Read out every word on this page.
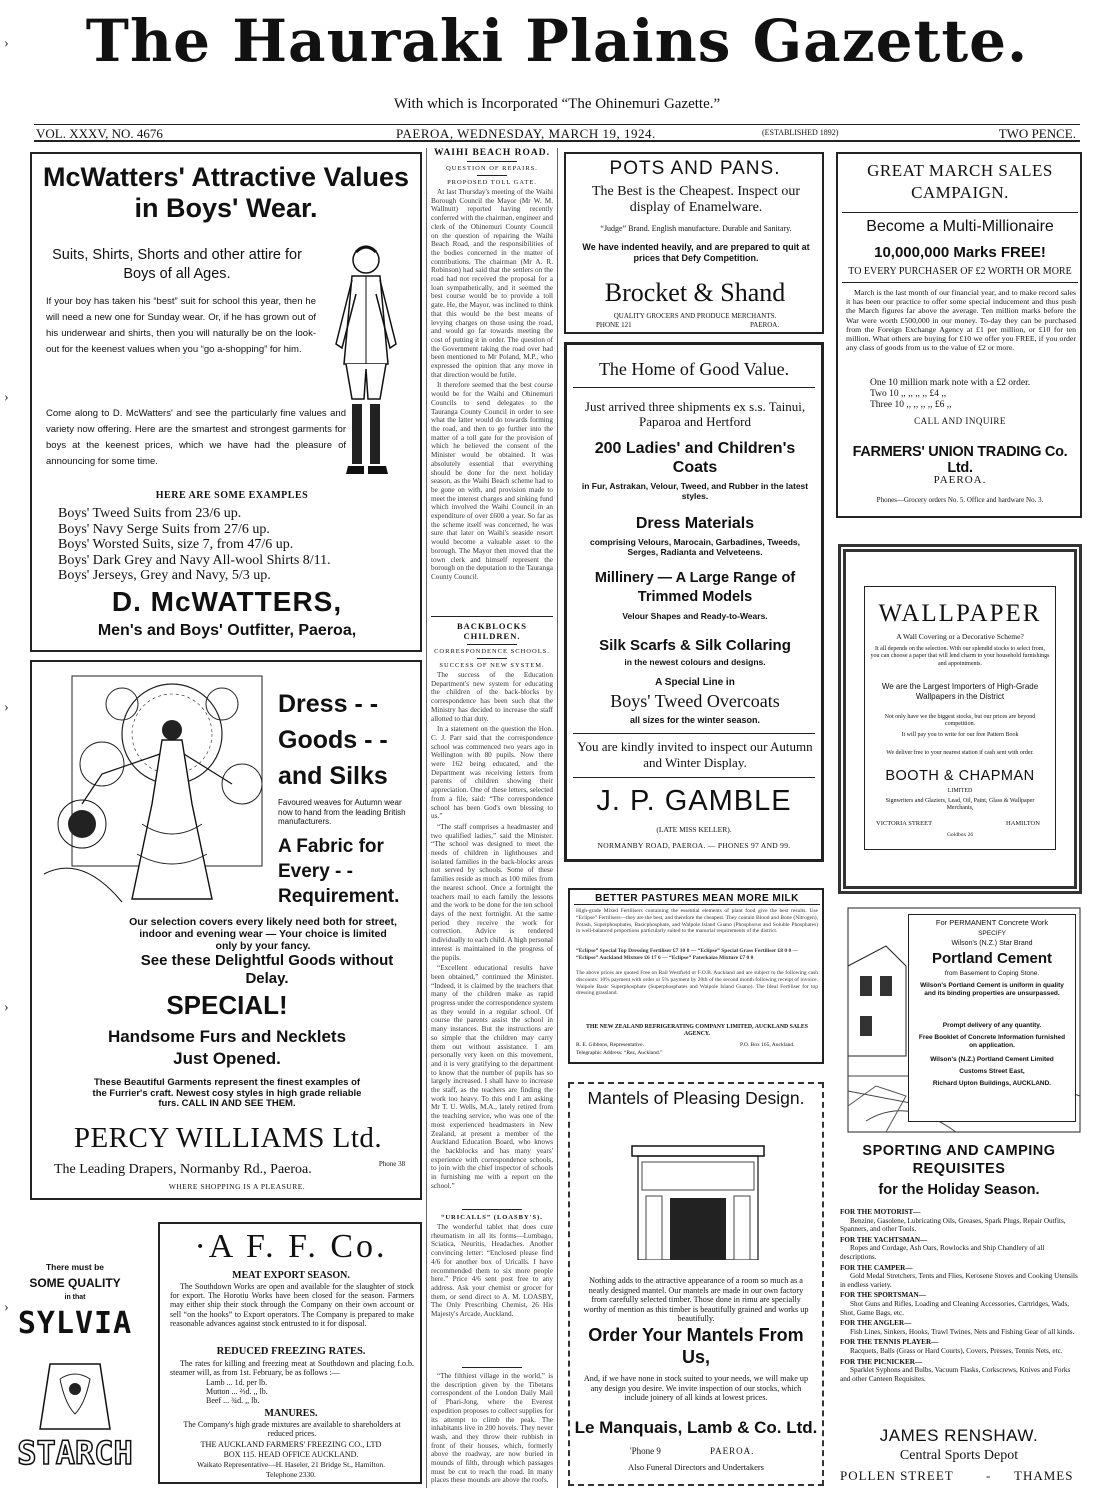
The Hauraki Plains Gazette.
With which is Incorporated “The Ohinemuri Gazette.”
VOL. XXXV, NO. 4676	PAEROA, WEDNESDAY, MARCH 19, 1924.	(ESTABLISHED 1892)	TWO PENCE.
›
›
›
›
›
McWatters' Attractive Values in Boys' Wear.
Suits, Shirts, Shorts and other attire for Boys of all Ages.
If your boy has taken his “best” suit for school this year, then he will need a new one for Sunday wear. Or, if he has grown out of his underwear and shirts, then you will naturally be on the look-out for the keenest values when you “go a-shopping” for him.
Come along to D. McWatters' and see the particularly fine values and variety now offering. Here are the smartest and strongest garments for boys at the keenest prices, which we have had the pleasure of announcing for some time.
HERE ARE SOME EXAMPLES
Boys' Tweed Suits from 23/6 up.
Boys' Navy Serge Suits from 27/6 up.
Boys' Worsted Suits, size 7, from 47/6 up.
Boys' Dark Grey and Navy All-wool Shirts 8/11.
Boys' Jerseys, Grey and Navy, 5/3 up.
D. McWATTERS,
Men's and Boys' Outfitter, Paeroa,
Dress - -
Goods - -
and Silks
Favoured weaves for Autumn wear now to hand from the leading British manufacturers.
A Fabric for
Every - -
Requirement.
Our selection covers every likely need both for street, indoor and evening wear — Your choice is limited only by your fancy.
See these Delightful Goods without Delay.
SPECIAL!
Handsome Furs and Necklets Just Opened.
These Beautiful Garments represent the finest examples of the Furrier's craft. Newest cosy styles in high grade reliable furs. CALL IN AND SEE THEM.
PERCY WILLIAMS Ltd.
The Leading Drapers, Normanby Rd., Paeroa.	Phone 38
WHERE SHOPPING IS A PLEASURE.
There must be
SOME QUALITY
in that
SYLVIA
STARCH
·A F. F. Co.
MEAT EXPORT SEASON.
The Southdown Works are open and available for the slaughter of stock for export. The Horotiu Works have been closed for the season. Farmers may either ship their stock through the Company on their own account or sell “on the hooks” to Export operators. The Company is prepared to make reasonable advances against stock entrusted to it for disposal.
REDUCED FREEZING RATES.
The rates for killing and freezing meat at Southdown and placing f.o.b. steamer will, as from 1st. February, be as follows :—
Lamb ... 1d. per lb.
Mutton ... ⅔d. ,, lb.
Beef ... ¾d. ,, lb.
MANURES.
The Company's high grade mixtures are available to shareholders at reduced prices.
THE AUCKLAND FARMERS' FREEZING CO., LTD
BOX 115. HEAD OFFICE AUCKLAND.
Waikato Representative—H. Haseler, 21 Bridge St., Hamilton.
Telephone 2330.
WAIHI BEACH ROAD.
QUESTION OF REPAIRS.
PROPOSED TOLL GATE.

At last Thursday's meeting of the Waihi Borough Council the Mayor (Mr W. M. Wallnutt) reported having recently conferred with the chairman, engineer and clerk of the Ohinemuri County Council on the question of repairing the Waihi Beach Road, and the responsibilities of the bodies concerned in the matter of contributions. The chairman (Mr A. R. Robinson) had said that the settlers on the road had not received the proposal for a loan sympathetically, and it seemed the best course would be to provide a toll gate. He, the Mayor, was inclined to think that this would be the best means of levying charges on those using the road, and would go far towards meeting the cost of putting it in order. The question of the Government taking the road over had been mentioned to Mr Poland, M.P., who expressed the opinion that any move in that direction would be futile.

It therefore seemed that the best course would be for the Waihi and Ohinemuri Councils to send delegates to the Tauranga County Council in order to see what the latter would do towards forming the road, and then to go further into the matter of a toll gate for the provision of which he believed the consent of the Minister would be obtained. It was absolutely essential that everything should be done for the next holiday season, as the Waihi Beach scheme had to be gone on with, and provision made to meet the interest charges and sinking fund which involved the Waihi Council in an expenditure of over £600 a year. So far as the scheme itself was concerned, he was sure that later on Waihi's seaside resort would become a valuable asset to the borough. The Mayor then moved that the town clerk and himself represent the borough on the deputation to the Tauranga County Council.

BACKBLOCKS CHILDREN.
CORRESPONDENCE SCHOOLS.
SUCCESS OF NEW SYSTEM.

The success of the Education Department's new system for educating the children of the back-blocks by correspondence has been such that the Ministry has decided to increase the staff allotted to that duty.

In a statement on the question the Hon. C. J. Parr said that the correspondence school was commenced two years ago in Wellington with 80 pupils. Now there were 162 being educated, and the Department was receiving letters from parents of children showing their appreciation. One of these letters, selected from a file, said: “The correspondence school has been God's own blessing to us.”

“The staff comprises a headmaster and two qualified ladies,” said the Minister. “The school was designed to meet the needs of children in lighthouses and isolated families in the back-blocks areas not served by schools. Some of these families reside as much as 100 miles from the nearest school. Once a fortnight the teachers mail to each family the lessons and the work to be done for the ten school days of the next fortnight. At the same period they receive the work for correction. Advice is rendered individually to each child. A high personal interest is maintained in the progress of the pupils.

“Excellent educational results have been obtained,” continued the Minister. “Indeed, it is claimed by the teachers that many of the children make as rapid progress under the correspondence system as they would in a regular school. Of course the parents assist the school in many instances. But the instructions are so simple that the children may carry them out without assistance. I am personally very keen on this movement, and it is very gratifying to the department to know that the number of pupils has so largely increased. I shall have to increase the staff, as the teachers are finding the work too heavy. To this end I am asking Mr T. U. Wells, M.A., lately retired from the teaching service, who was one of the most experienced headmasters in New Zealand, at present a member of the Auckland Education Board, who knows the backblocks and has many years' experience with correspondence schools, to join with the chief inspector of schools in furnishing me with a report on the school.”

“URICALLS” (LOASBY'S).

The wonderful tablet that does cure rheumatism in all its forms—Lumbago, Sciatica, Neuritis, Headaches. Another convincing letter: “Enclosed please find 4/6 for another box of Uricalls. I have recommended them to six more people here.” Price 4/6 sent post free to any address. Ask your chemist or grocer for them, or send direct to A. M. LOASBY, The Only Prescribing Chemist, 26 His Majesty's Arcade, Auckland.

“The filthiest village in the world,” is the description given by the Tibetans correspondent of the London Daily Mail of Phari-Jong, where the Everest expedition proposes to collect supplies for its attempt to climb the peak. The inhabitants live in 200 hovels. They never wash, and they throw their rubbish in front of their houses, which, formerly above the roadway, are now buried in mounds of filth, through which passages must be cut to reach the road. In many places these mounds are above the roofs.

POTS AND PANS.
The Best is the Cheapest. Inspect our display of Enamelware.
“Judge” Brand. English manufacture. Durable and Sanitary.
We have indented heavily, and are prepared to quit at prices that Defy Competition.
Brocket & Shand
QUALITY GROCERS AND PRODUCE MERCHANTS.
PHONE 121	PAEROA.
The Home of Good Value.
Just arrived three shipments ex s.s. Tainui, Paparoa and Hertford
200 Ladies' and Children's Coats
in Fur, Astrakan, Velour, Tweed, and Rubber in the latest styles.
Dress Materials
comprising Velours, Marocain, Garbadines, Tweeds, Serges, Radianta and Velveteens.
Millinery — A Large Range of Trimmed Models
Velour Shapes and Ready-to-Wears.
Silk Scarfs & Silk Collaring
in the newest colours and designs.
A Special Line in
Boys' Tweed Overcoats
all sizes for the winter season.
You are kindly invited to inspect our Autumn and Winter Display.
J. P. GAMBLE
(LATE MISS KELLER).
NORMANBY ROAD, PAEROA. — PHONES 97 AND 99.
BETTER PASTURES MEAN MORE MILK
High-grade Mixed Fertilisers containing the essential elements of plant food give the best results. Use “Eclipse” Fertilisers—they are the best, and therefore the cheapest. They contain Blood and Bone (Nitrogen), Potash, Superphosphates, Basicphosphate, and Walpole Island Guano (Phosphorus and Soluble Phosphates) in well-balanced proportions particularly suited to the manurial requirements of the district.
“Eclipse” Special Top Dressing Fertiliser £7 10 0 — “Eclipse” Special Grass Fertiliser £8 0 0 — “Eclipse” Auckland Mixture £6 17 6 — “Eclipse” Paterkaize Mixture £7 0 0
The above prices are quoted Free on Rail Westfield or F.O.B. Auckland and are subject to the following cash discounts: 10% payment with order or 5% payment by 20th of the second month following receipt of invoice. Waipole Basic Superphosphate (Superphosphates and Waipole Island Guano). The Ideal Fertiliser for top dressing grassland.
THE NEW ZEALAND REFRIGERATING COMPANY LIMITED, AUCKLAND SALES AGENCY.
R. E. Gibbons, Representative.	P.O. Box 165, Auckland.
Telegraphic Address: “Rez, Auckland.”
Mantels of Pleasing Design.
Nothing adds to the attractive appearance of a room so much as a neatly designed mantel. Our mantels are made in our own factory from carefully selected timber. Those done in rimu are specially worthy of mention as this timber is beautifully grained and works up beautifully.
Order Your Mantels From Us,
And, if we have none in stock suited to your needs, we will make up any design you desire. We invite inspection of our stocks, which include joinery of all kinds at lowest prices.
Le Manquais, Lamb & Co. Ltd.
'Phone 9	PAEROA.
Also Funeral Directors and Undertakers
GREAT MARCH SALES CAMPAIGN.
Become a Multi-Millionaire
10,000,000 Marks FREE!
TO EVERY PURCHASER OF £2 WORTH OR MORE
March is the last month of our financial year, and to make record sales it has been our practice to offer some special inducement and thus push the March figures far above the average. Ten million marks before the War were worth £500,000 in our money. To-day they can be purchased from the Foreign Exchange Agency at £1 per million, or £10 for ten million. What others are buying for £10 we offer you FREE, if you order any class of goods from us to the value of £2 or more.
One 10 million mark note with a £2 order.
Two 10 ,, ,, ,, ,, £4 ,,
Three 10 ,, ,, ,, ,, £6 ,,
CALL AND INQUIRE
FARMERS' UNION TRADING Co. Ltd.
PAEROA.
Phones—Grocery orders No. 5. Office and hardware No. 3.
WALLPAPER
A Wall Covering or a Decorative Scheme?
It all depends on the selection. With our splendid stocks to select from, you can choose a paper that will lend charm to your household furnishings and appointments.
We are the Largest Importers of High-Grade Wallpapers in the District
Not only have we the biggest stocks, but our prices are beyond competition.
It will pay you to write for our free Pattern Book
We deliver free to your nearest station if cash sent with order.
BOOTH & CHAPMAN
LIMITED
Signwriters and Glaziers, Lead, Oil, Paint, Glass & Wallpaper Merchants,
VICTORIA STREET	HAMILTON
Goldbox 26
For PERMANENT Concrete Work
SPECIFY
Wilson's (N.Z.) Star Brand
Portland Cement
from Basement to Coping Stone.
Wilson's Portland Cement is uniform in quality and its binding properties are unsurpassed.
Prompt delivery of any quantity.
Free Booklet of Concrete Information furnished on application.
Wilson's (N.Z.) Portland Cement Limited
Customs Street East,
Richard Upton Buildings, AUCKLAND.
SPORTING AND CAMPING REQUISITES
for the Holiday Season.
FOR THE MOTORIST—
Benzine, Gasolene, Lubricating Oils, Greases, Spark Plugs, Repair Outfits, Spanners, and other Tools.
FOR THE YACHTSMAN—
Ropes and Cordage, Ash Oars, Rowlocks and Ship Chandlery of all descriptions.
FOR THE CAMPER—
Gold Medal Stretchers, Tents and Flies, Kerosene Stoves and Cooking Utensils in endless variety.
FOR THE SPORTSMAN—
Shot Guns and Rifles, Loading and Cleaning Accessories, Cartridges, Wads, Shot, Game Bags, etc.
FOR THE ANGLER—
Fish Lines, Sinkers, Hooks, Trawl Twines, Nets and Fishing Gear of all kinds.
FOR THE TENNIS PLAYER—
Racquets, Balls (Grass or Hard Courts), Covers, Presses, Tennis Nets, etc.
FOR THE PICNICKER—
Sparklet Syphons and Bulbs, Vacuum Flasks, Corkscrews, Knives and Forks and other Canteen Requisites.
JAMES RENSHAW.
Central Sports Depot
POLLEN STREET - THAMES
